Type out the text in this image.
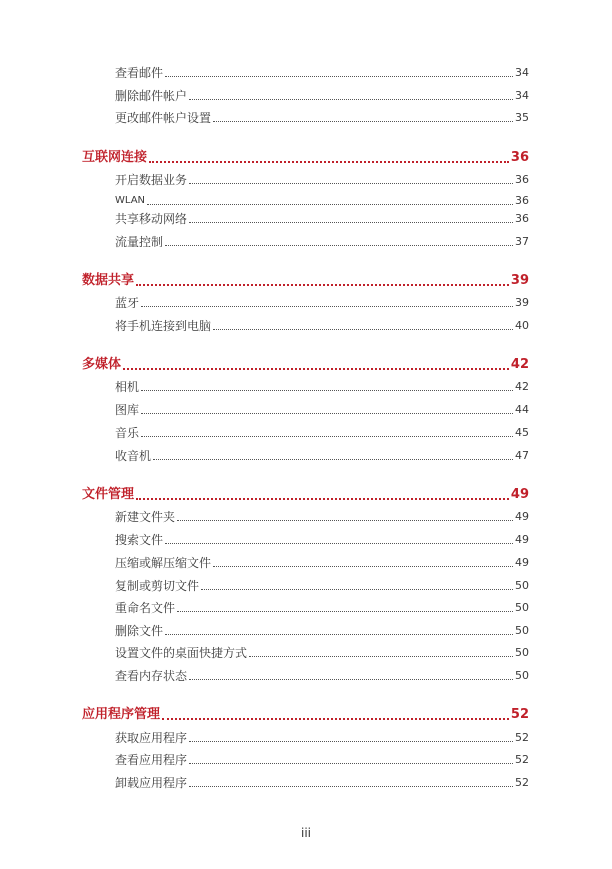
查看邮件	34
删除邮件帐户	34
更改邮件帐户设置	35
互联网连接	36
开启数据业务	36
WLAN	36
共享移动网络	36
流量控制	37
数据共享	39
蓝牙	39
将手机连接到电脑	40
多媒体	42
相机	42
图库	44
音乐	45
收音机	47
文件管理	49
新建文件夹	49
搜索文件	49
压缩或解压缩文件	49
复制或剪切文件	50
重命名文件	50
删除文件	50
设置文件的桌面快捷方式	50
查看内存状态	50
应用程序管理	52
获取应用程序	52
查看应用程序	52
卸载应用程序	52
iii
